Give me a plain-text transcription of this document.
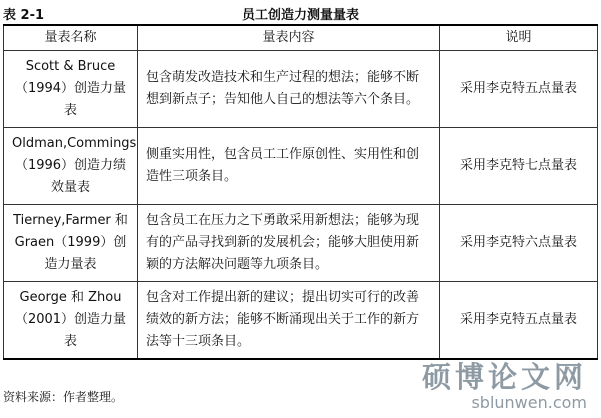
表 2-1	员工创造力测量量表
量表名称	量表内容	说明
Scott & Bruce（1994）创造力量表	包含萌发改造技术和生产过程的想法；能够不断想到新点子；告知他人自己的想法等六个条目。	采用李克特五点量表
Oldman,Commings（1996）创造力绩效量表	侧重实用性，包含员工工作原创性、实用性和创造性三项条目。	采用李克特七点量表
Tierney,Farmer 和 Graen（1999）创造力量表	包含员工在压力之下勇敢采用新想法；能够为现有的产品寻找到新的发展机会；能够大胆使用新颖的方法解决问题等九项条目。	采用李克特六点量表
George 和 Zhou（2001）创造力量表	包含对工作提出新的建议；提出切实可行的改善绩效的新方法；能够不断涌现出关于工作的新方法等十三项条目。	采用李克特五点量表
资料来源：作者整理。
硕博论文网
sblunwen.com
